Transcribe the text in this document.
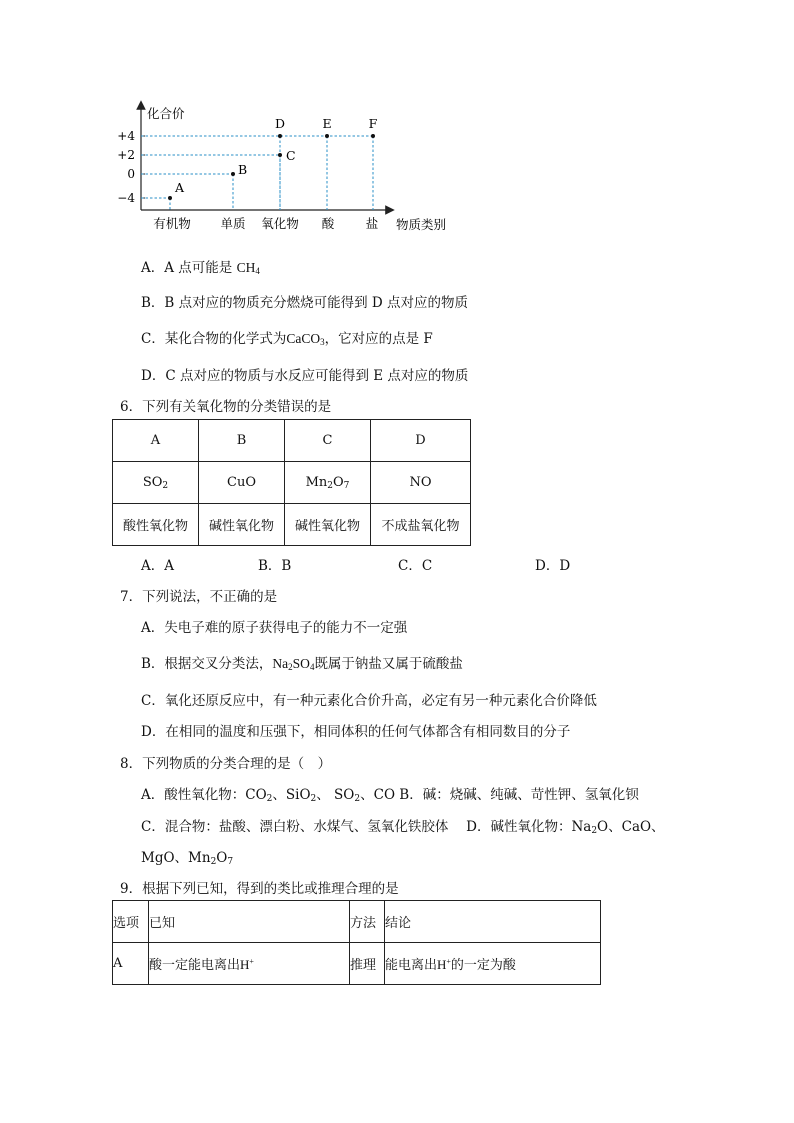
化合价
物质类别
+4
+2
0
−4
有机物 单质 氧化物 酸	盐
A
B
C
D	E	F
A．A 点可能是 $CH_4$
B．B 点对应的物质充分燃烧可能得到 D 点对应的物质
C．某化合物的化学式为CaCO$_3$，它对应的点是 F
D．C 点对应的物质与水反应可能得到 E 点对应的物质
6．下列有关氧化物的分类错误的是
A	B	C	D
$SO_2$	CuO	$Mn_2O_7$	NO
酸性氧化物	碱性氧化物	碱性氧化物	不成盐氧化物
A．A	B．B	C．C	D．D
7．下列说法，不正确的是
A．失电子难的原子获得电子的能力不一定强
B．根据交叉分类法，$Na_2SO_4$既属于钠盐又属于硫酸盐
C．氧化还原反应中，有一种元素化合价升高，必定有另一种元素化合价降低
D．在相同的温度和压强下，相同体积的任何气体都含有相同数目的分子
8．下列物质的分类合理的是（　）
A．酸性氧化物：$CO_2$、SiO$_2$、 $SO_2$、CO B．碱：烧碱、纯碱、苛性钾、氢氧化钡
C．混合物：盐酸、漂白粉、水煤气、氢氧化铁胶体　 D．碱性氧化物：$Na_2O$、CaO、
MgO、$Mn_2O_7$
9．根据下列已知，得到的类比或推理合理的是
选项	已知	方法	结论
A	酸一定能电离出H+	推理	能电离出H+的一定为酸
